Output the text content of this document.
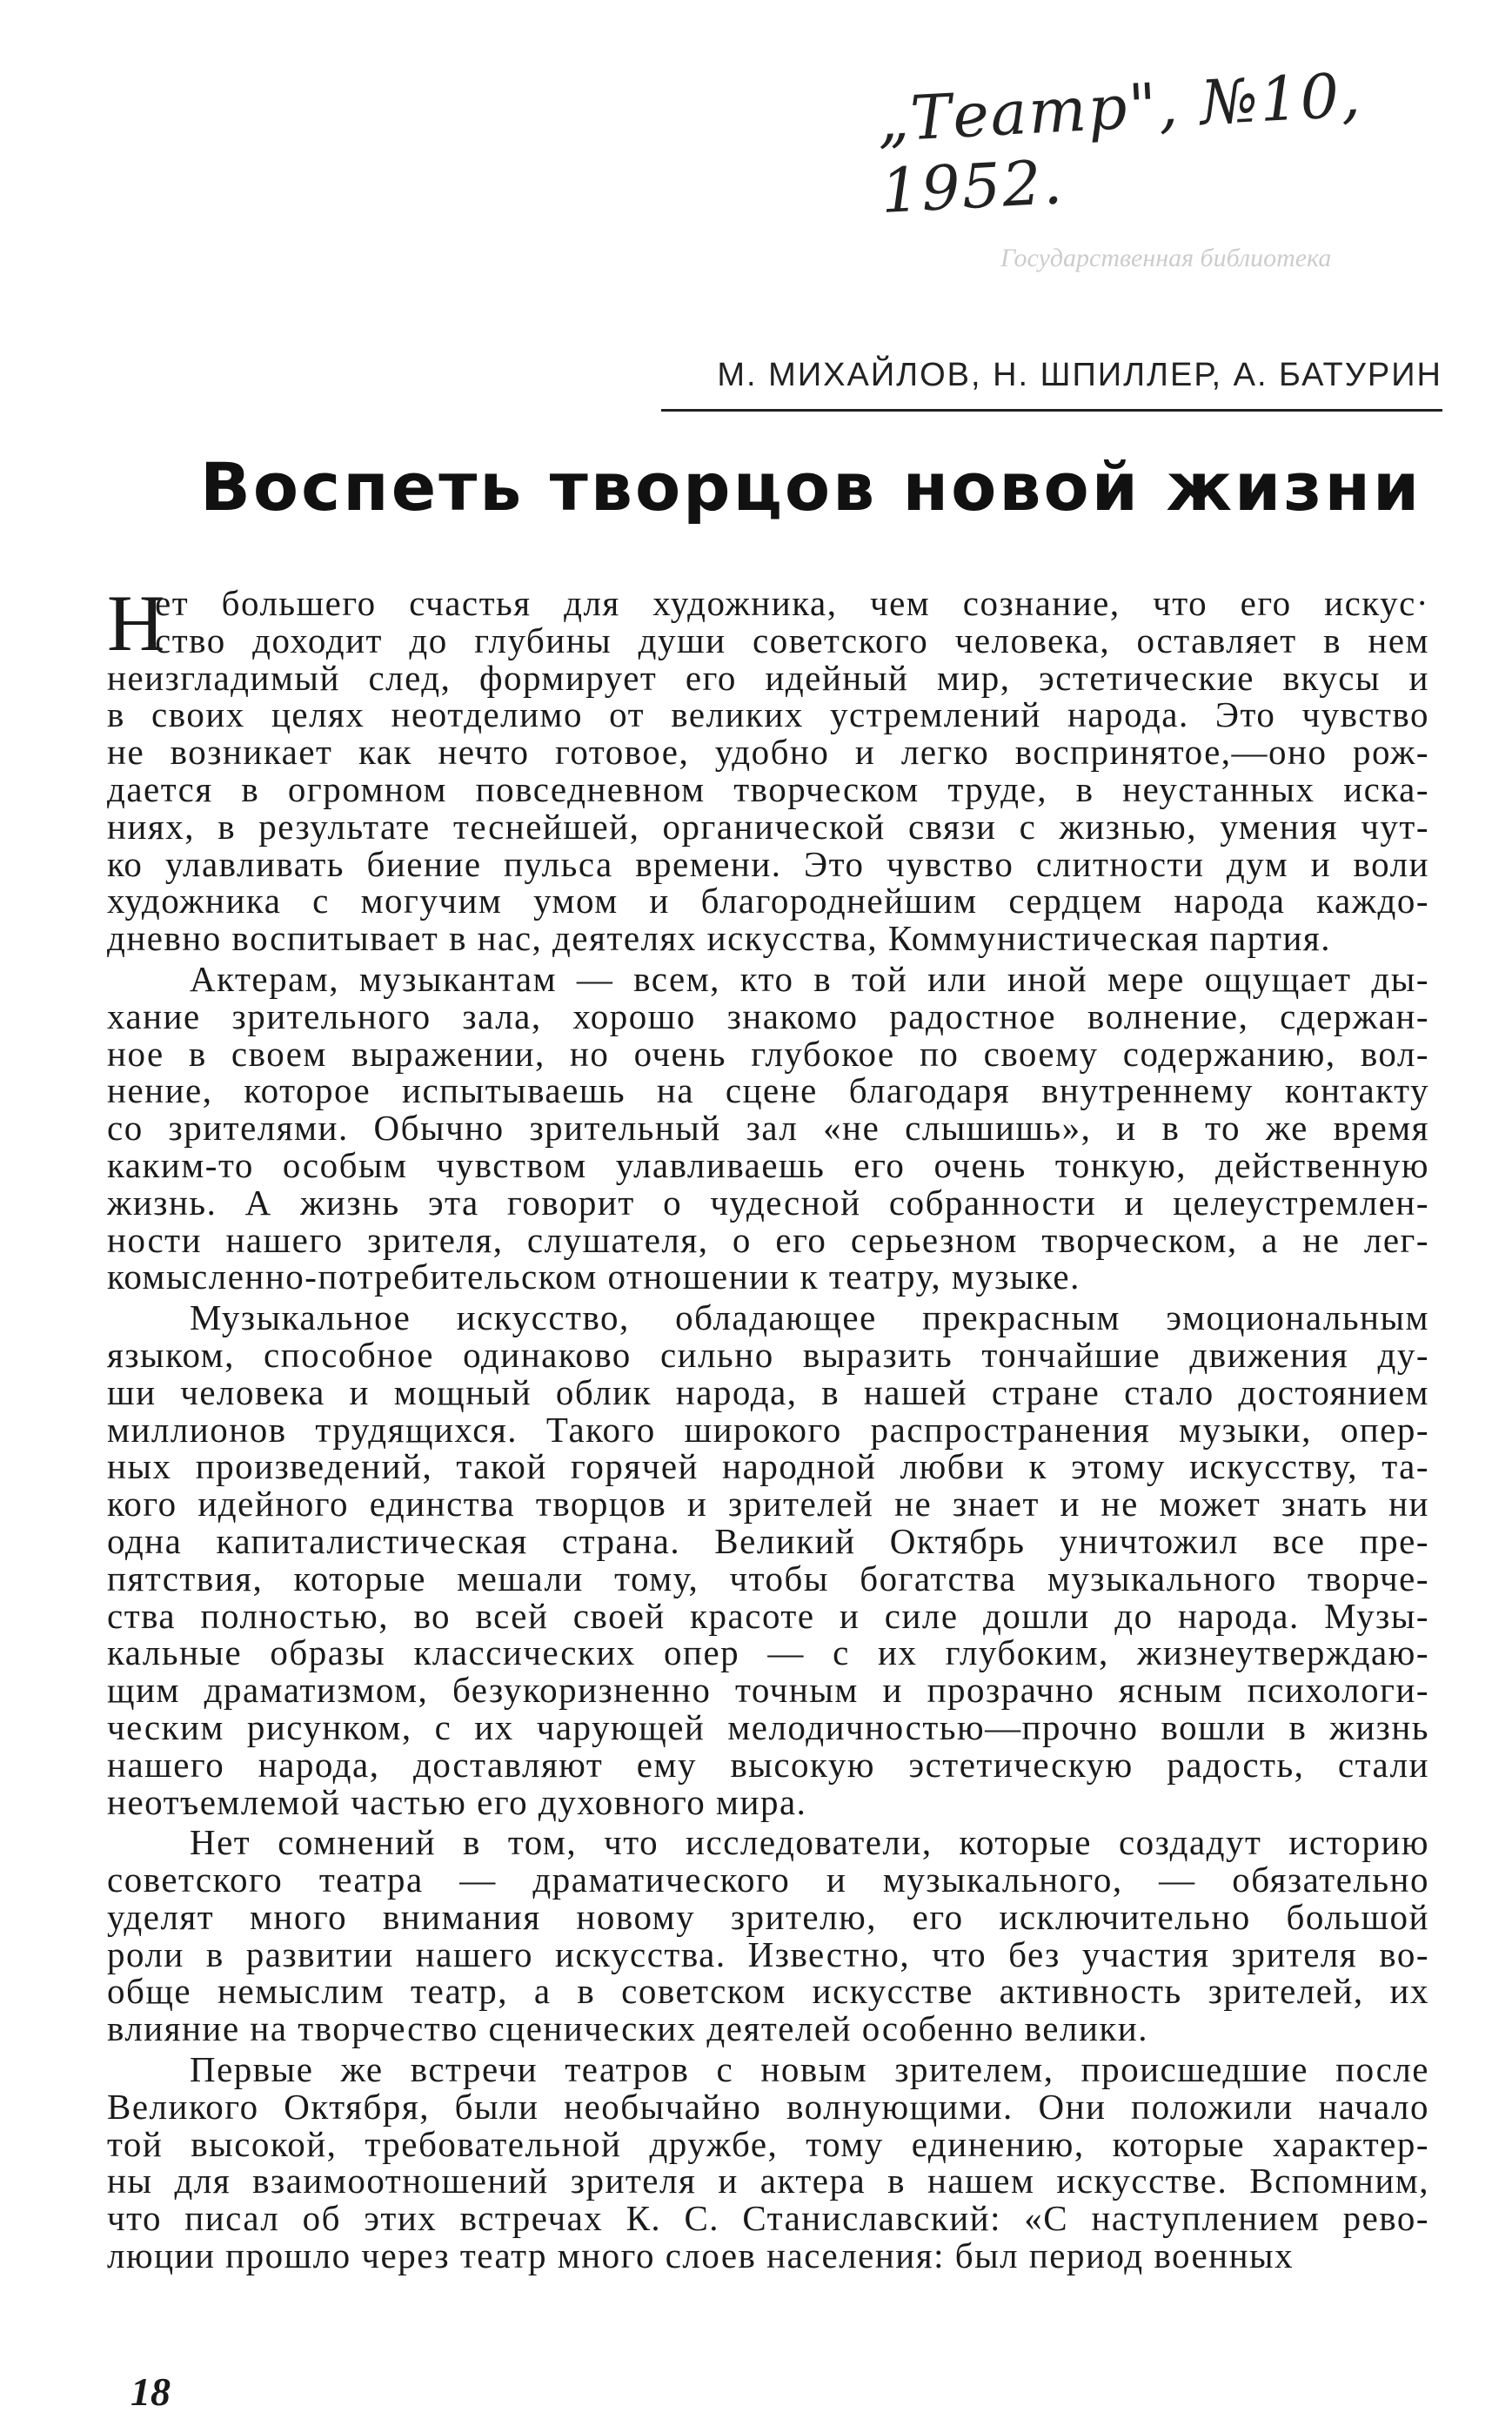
„Театр", №10, 1952.
Государственная библиотека
М. МИХАЙЛОВ, Н. ШПИЛЛЕР, А. БАТУРИН
Воспеть творцов новой жизни
Н
ет большего счастья для художника, чем сознание, что его искус·
ство доходит до глубины души советского человека, оставляет в нем
неизгладимый след, формирует его идейный мир, эстетические вкусы и
в своих целях неотделимо от великих устремлений народа. Это чувство
не возникает как нечто готовое, удобно и легко воспринятое,—оно рож-
дается в огромном повседневном творческом труде, в неустанных иска-
ниях, в результате теснейшей, органической связи с жизнью, умения чут-
ко улавливать биение пульса времени. Это чувство слитности дум и воли
художника с могучим умом и благороднейшим сердцем народа каждо-
дневно воспитывает в нас, деятелях искусства, Коммунистическая партия.
Актерам, музыкантам — всем, кто в той или иной мере ощущает ды-
хание зрительного зала, хорошо знакомо радостное волнение, сдержан-
ное в своем выражении, но очень глубокое по своему содержанию, вол-
нение, которое испытываешь на сцене благодаря внутреннему контакту
со зрителями. Обычно зрительный зал «не слышишь», и в то же время
каким-то особым чувством улавливаешь его очень тонкую, действенную
жизнь. А жизнь эта говорит о чудесной собранности и целеустремлен-
ности нашего зрителя, слушателя, о его серьезном творческом, а не лег-
комысленно-потребительском отношении к театру, музыке.
Музыкальное искусство, обладающее прекрасным эмоциональным
языком, способное одинаково сильно выразить тончайшие движения ду-
ши человека и мощный облик народа, в нашей стране стало достоянием
миллионов трудящихся. Такого широкого распространения музыки, опер-
ных произведений, такой горячей народной любви к этому искусству, та-
кого идейного единства творцов и зрителей не знает и не может знать ни
одна капиталистическая страна. Великий Октябрь уничтожил все пре-
пятствия, которые мешали тому, чтобы богатства музыкального творче-
ства полностью, во всей своей красоте и силе дошли до народа. Музы-
кальные образы классических опер — с их глубоким, жизнеутверждаю-
щим драматизмом, безукоризненно точным и прозрачно ясным психологи-
ческим рисунком, с их чарующей мелодичностью—прочно вошли в жизнь
нашего народа, доставляют ему высокую эстетическую радость, стали
неотъемлемой частью его духовного мира.
Нет сомнений в том, что исследователи, которые создадут историю
советского театра — драматического и музыкального, — обязательно
уделят много внимания новому зрителю, его исключительно большой
роли в развитии нашего искусства. Известно, что без участия зрителя во-
обще немыслим театр, а в советском искусстве активность зрителей, их
влияние на творчество сценических деятелей особенно велики.
Первые же встречи театров с новым зрителем, происшедшие после
Великого Октября, были необычайно волнующими. Они положили начало
той высокой, требовательной дружбе, тому единению, которые характер-
ны для взаимоотношений зрителя и актера в нашем искусстве. Вспомним,
что писал об этих встречах К. С. Станиславский: «С наступлением рево-
люции прошло через театр много слоев населения: был период военных
18
